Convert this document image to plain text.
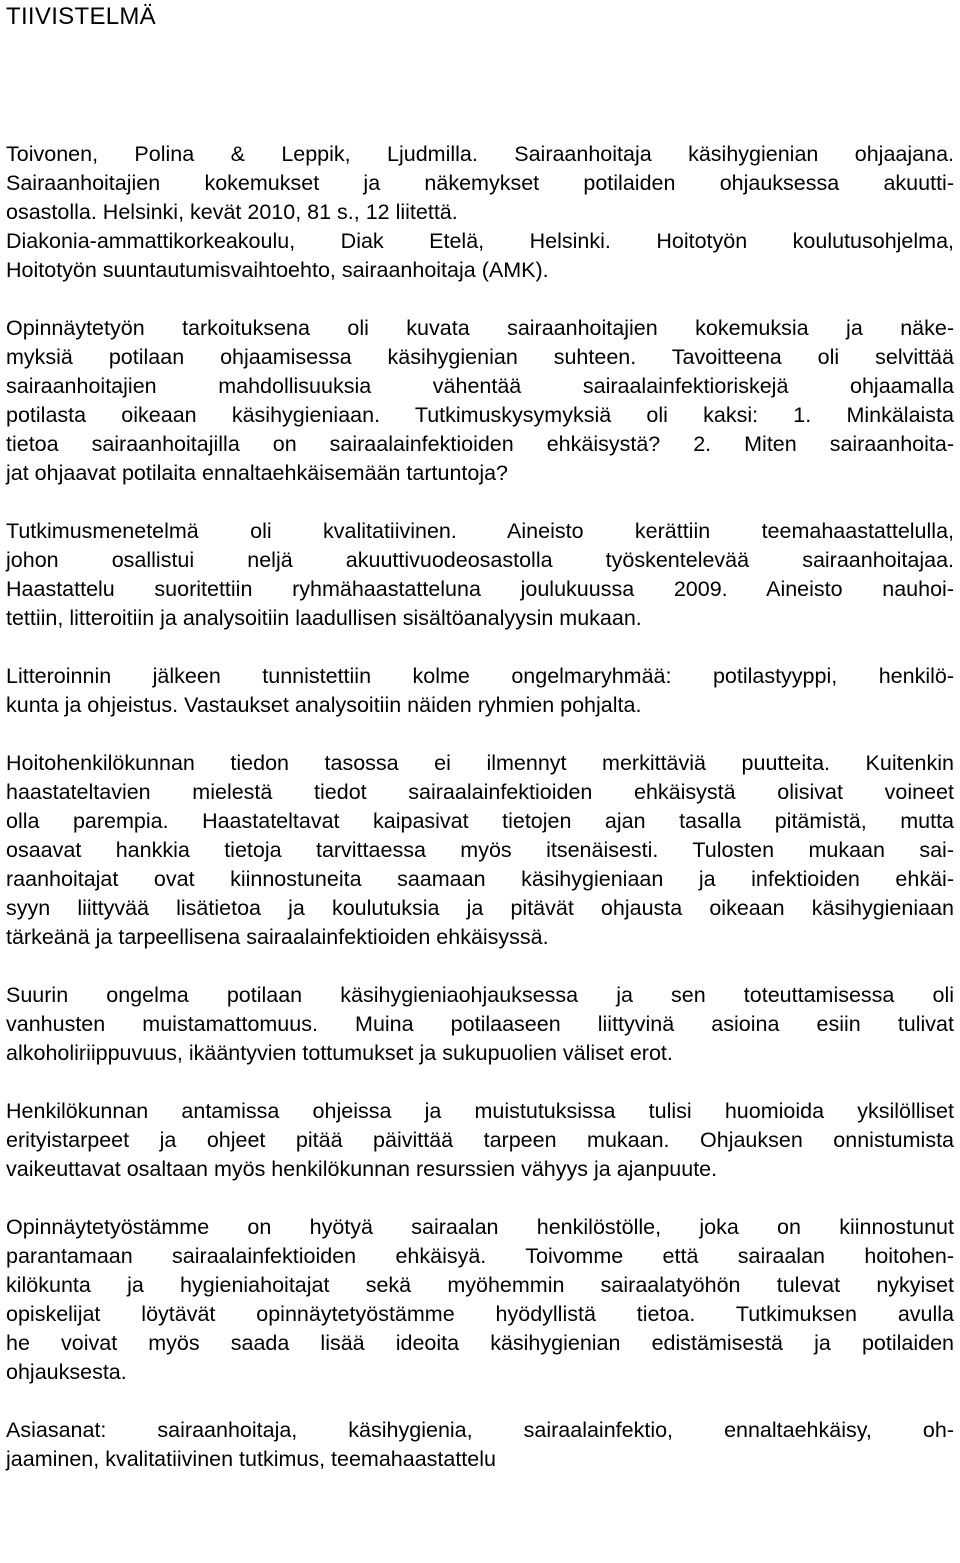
TIIVISTELMÄ
Toivonen, Polina & Leppik, Ljudmilla. Sairaanhoitaja käsihygienian ohjaajana.
Sairaanhoitajien kokemukset ja näkemykset potilaiden ohjauksessa akuutti-
osastolla. Helsinki, kevät 2010, 81 s., 12 liitettä.
Diakonia-ammattikorkeakoulu, Diak Etelä, Helsinki. Hoitotyön koulutusohjelma,
Hoitotyön suuntautumisvaihtoehto, sairaanhoitaja (AMK).
Opinnäytetyön tarkoituksena oli kuvata sairaanhoitajien kokemuksia ja näke-
myksiä potilaan ohjaamisessa käsihygienian suhteen. Tavoitteena oli selvittää
sairaanhoitajien mahdollisuuksia vähentää sairaalainfektioriskejä ohjaamalla
potilasta oikeaan käsihygieniaan. Tutkimuskysymyksiä oli kaksi: 1. Minkälaista
tietoa sairaanhoitajilla on sairaalainfektioiden ehkäisystä? 2. Miten sairaanhoita-
jat ohjaavat potilaita ennaltaehkäisemään tartuntoja?
Tutkimusmenetelmä oli kvalitatiivinen. Aineisto kerättiin teemahaastattelulla,
johon osallistui neljä akuuttivuodeosastolla työskentelevää sairaanhoitajaa.
Haastattelu suoritettiin ryhmähaastatteluna joulukuussa 2009. Aineisto nauhoi-
tettiin, litteroitiin ja analysoitiin laadullisen sisältöanalyysin mukaan.
Litteroinnin jälkeen tunnistettiin kolme ongelmaryhmää: potilastyyppi, henkilö-
kunta ja ohjeistus. Vastaukset analysoitiin näiden ryhmien pohjalta.
Hoitohenkilökunnan tiedon tasossa ei ilmennyt merkittäviä puutteita. Kuitenkin
haastateltavien mielestä tiedot sairaalainfektioiden ehkäisystä olisivat voineet
olla parempia. Haastateltavat kaipasivat tietojen ajan tasalla pitämistä, mutta
osaavat hankkia tietoja tarvittaessa myös itsenäisesti. Tulosten mukaan sai-
raanhoitajat ovat kiinnostuneita saamaan käsihygieniaan ja infektioiden ehkäi-
syyn liittyvää lisätietoa ja koulutuksia ja pitävät ohjausta oikeaan käsihygieniaan
tärkeänä ja tarpeellisena sairaalainfektioiden ehkäisyssä.
Suurin ongelma potilaan käsihygieniaohjauksessa ja sen toteuttamisessa oli
vanhusten muistamattomuus. Muina potilaaseen liittyvinä asioina esiin tulivat
alkoholiriippuvuus, ikääntyvien tottumukset ja sukupuolien väliset erot.
Henkilökunnan antamissa ohjeissa ja muistutuksissa tulisi huomioida yksilölliset
erityistarpeet ja ohjeet pitää päivittää tarpeen mukaan. Ohjauksen onnistumista
vaikeuttavat osaltaan myös henkilökunnan resurssien vähyys ja ajanpuute.
Opinnäytetyöstämme on hyötyä sairaalan henkilöstölle, joka on kiinnostunut
parantamaan sairaalainfektioiden ehkäisyä. Toivomme että sairaalan hoitohen-
kilökunta ja hygieniahoitajat sekä myöhemmin sairaalatyöhön tulevat nykyiset
opiskelijat löytävät opinnäytetyöstämme hyödyllistä tietoa. Tutkimuksen avulla
he voivat myös saada lisää ideoita käsihygienian edistämisestä ja potilaiden
ohjauksesta.
Asiasanat: sairaanhoitaja, käsihygienia, sairaalainfektio, ennaltaehkäisy, oh-
jaaminen, kvalitatiivinen tutkimus, teemahaastattelu
